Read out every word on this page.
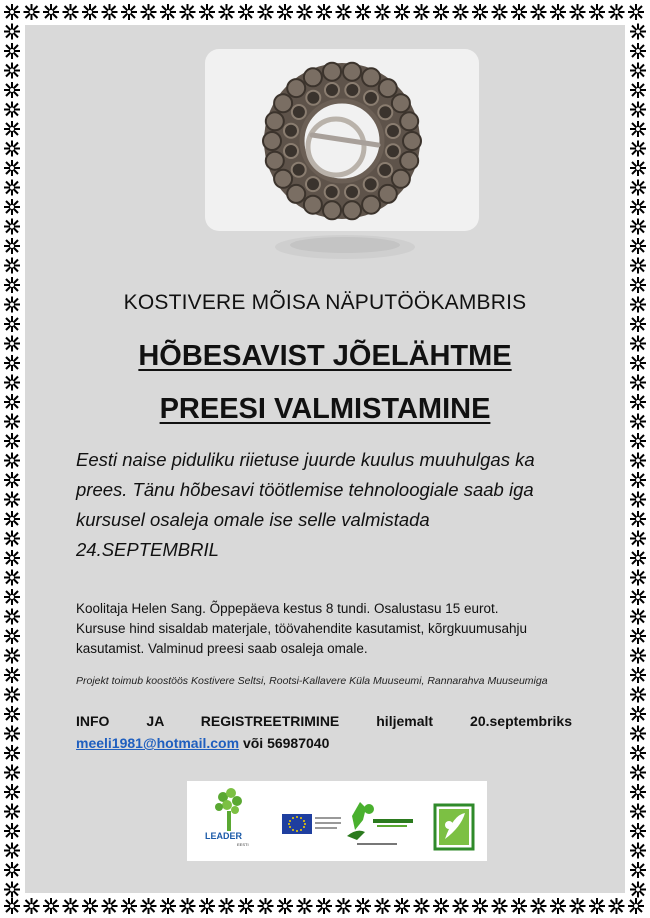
KOSTIVERE MÕISA NÄPUTÖÖKAMBRIS
HÕBESAVIST JÕELÄHTME
PREESI VALMISTAMINE
Eesti naise piduliku riietuse juurde kuulus muuhulgas ka
prees. Tänu hõbesavi töötlemise tehnoloogiale saab iga
kursusel osaleja omale ise selle valmistada
24.SEPTEMBRIL
Koolitaja Helen Sang. Õppepäeva kestus 8 tundi. Osalustasu 15 eurot.
Kursuse hind sisaldab materjale, töövahendite kasutamist, kõrgkuumusahju
kasutamist. Valminud preesi saab osaleja omale.
Projekt toimub koostöös Kostivere Seltsi, Rootsi-Kallavere Küla Muuseumi, Rannarahva Muuseumiga
INFO JA REGISTREETRIMINE hiljemalt 20.septembriks
meeli1981@hotmail.com või 56987040
LEADER
EESTI
